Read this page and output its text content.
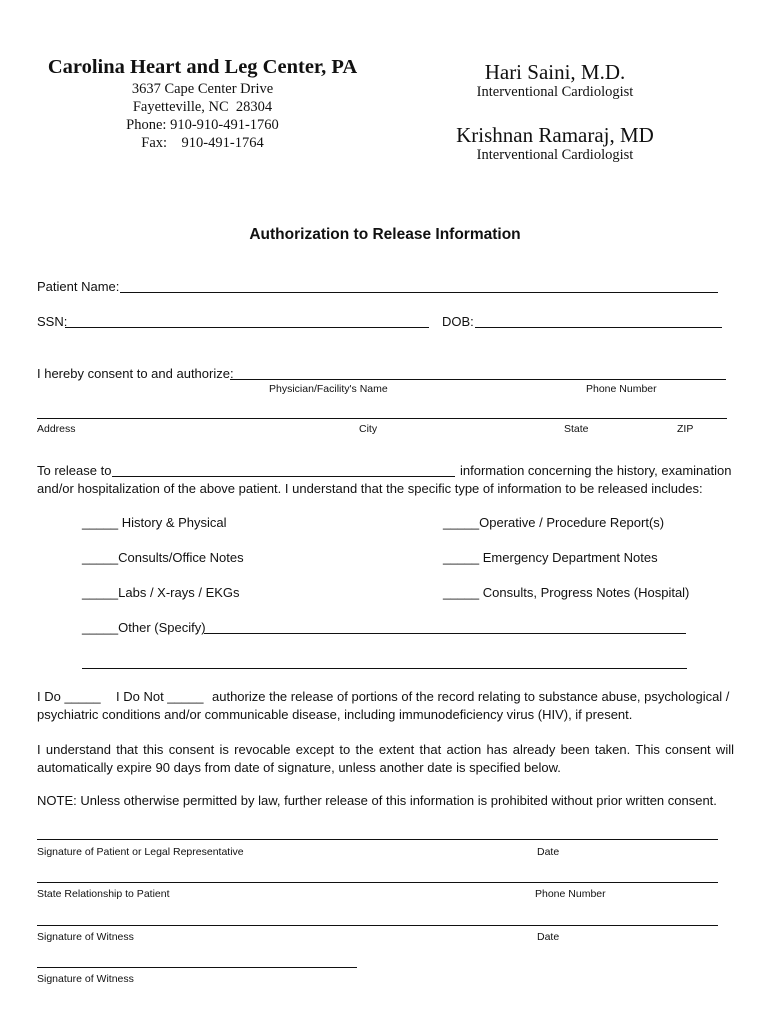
Carolina Heart and Leg Center, PA
3637 Cape Center Drive
Fayetteville, NC  28304
Phone: 910-910-491-1760
Fax:    910-491-1764
Hari Saini, M.D.
Interventional Cardiologist
Krishnan Ramaraj, MD
Interventional Cardiologist
Authorization to Release Information
Patient Name:
SSN:	DOB:
I hereby consent to and authorize:
Physician/Facility's Name	Phone Number
Address	City	State	ZIP
To release to	information concerning the history, examination
and/or hospitalization of the above patient. I understand that the specific type of information to be released includes:
_____ History & Physical	_____Operative / Procedure Report(s)
_____Consults/Office Notes	_____ Emergency Department Notes
_____Labs / X-rays / EKGs	_____ Consults, Progress Notes (Hospital)
_____Other (Specify)
I Do _____ I Do Not _____ authorize the release of portions of the record relating to substance abuse, psychological /
psychiatric conditions and/or communicable disease, including immunodeficiency virus (HIV), if present.
I understand that this consent is revocable except to the extent that action has already been taken. This consent will automatically expire 90 days from date of signature, unless another date is specified below.
NOTE: Unless otherwise permitted by law, further release of this information is prohibited without prior written consent.
Signature of Patient or Legal Representative	Date
State Relationship to Patient	Phone Number
Signature of Witness	Date
Signature of Witness
